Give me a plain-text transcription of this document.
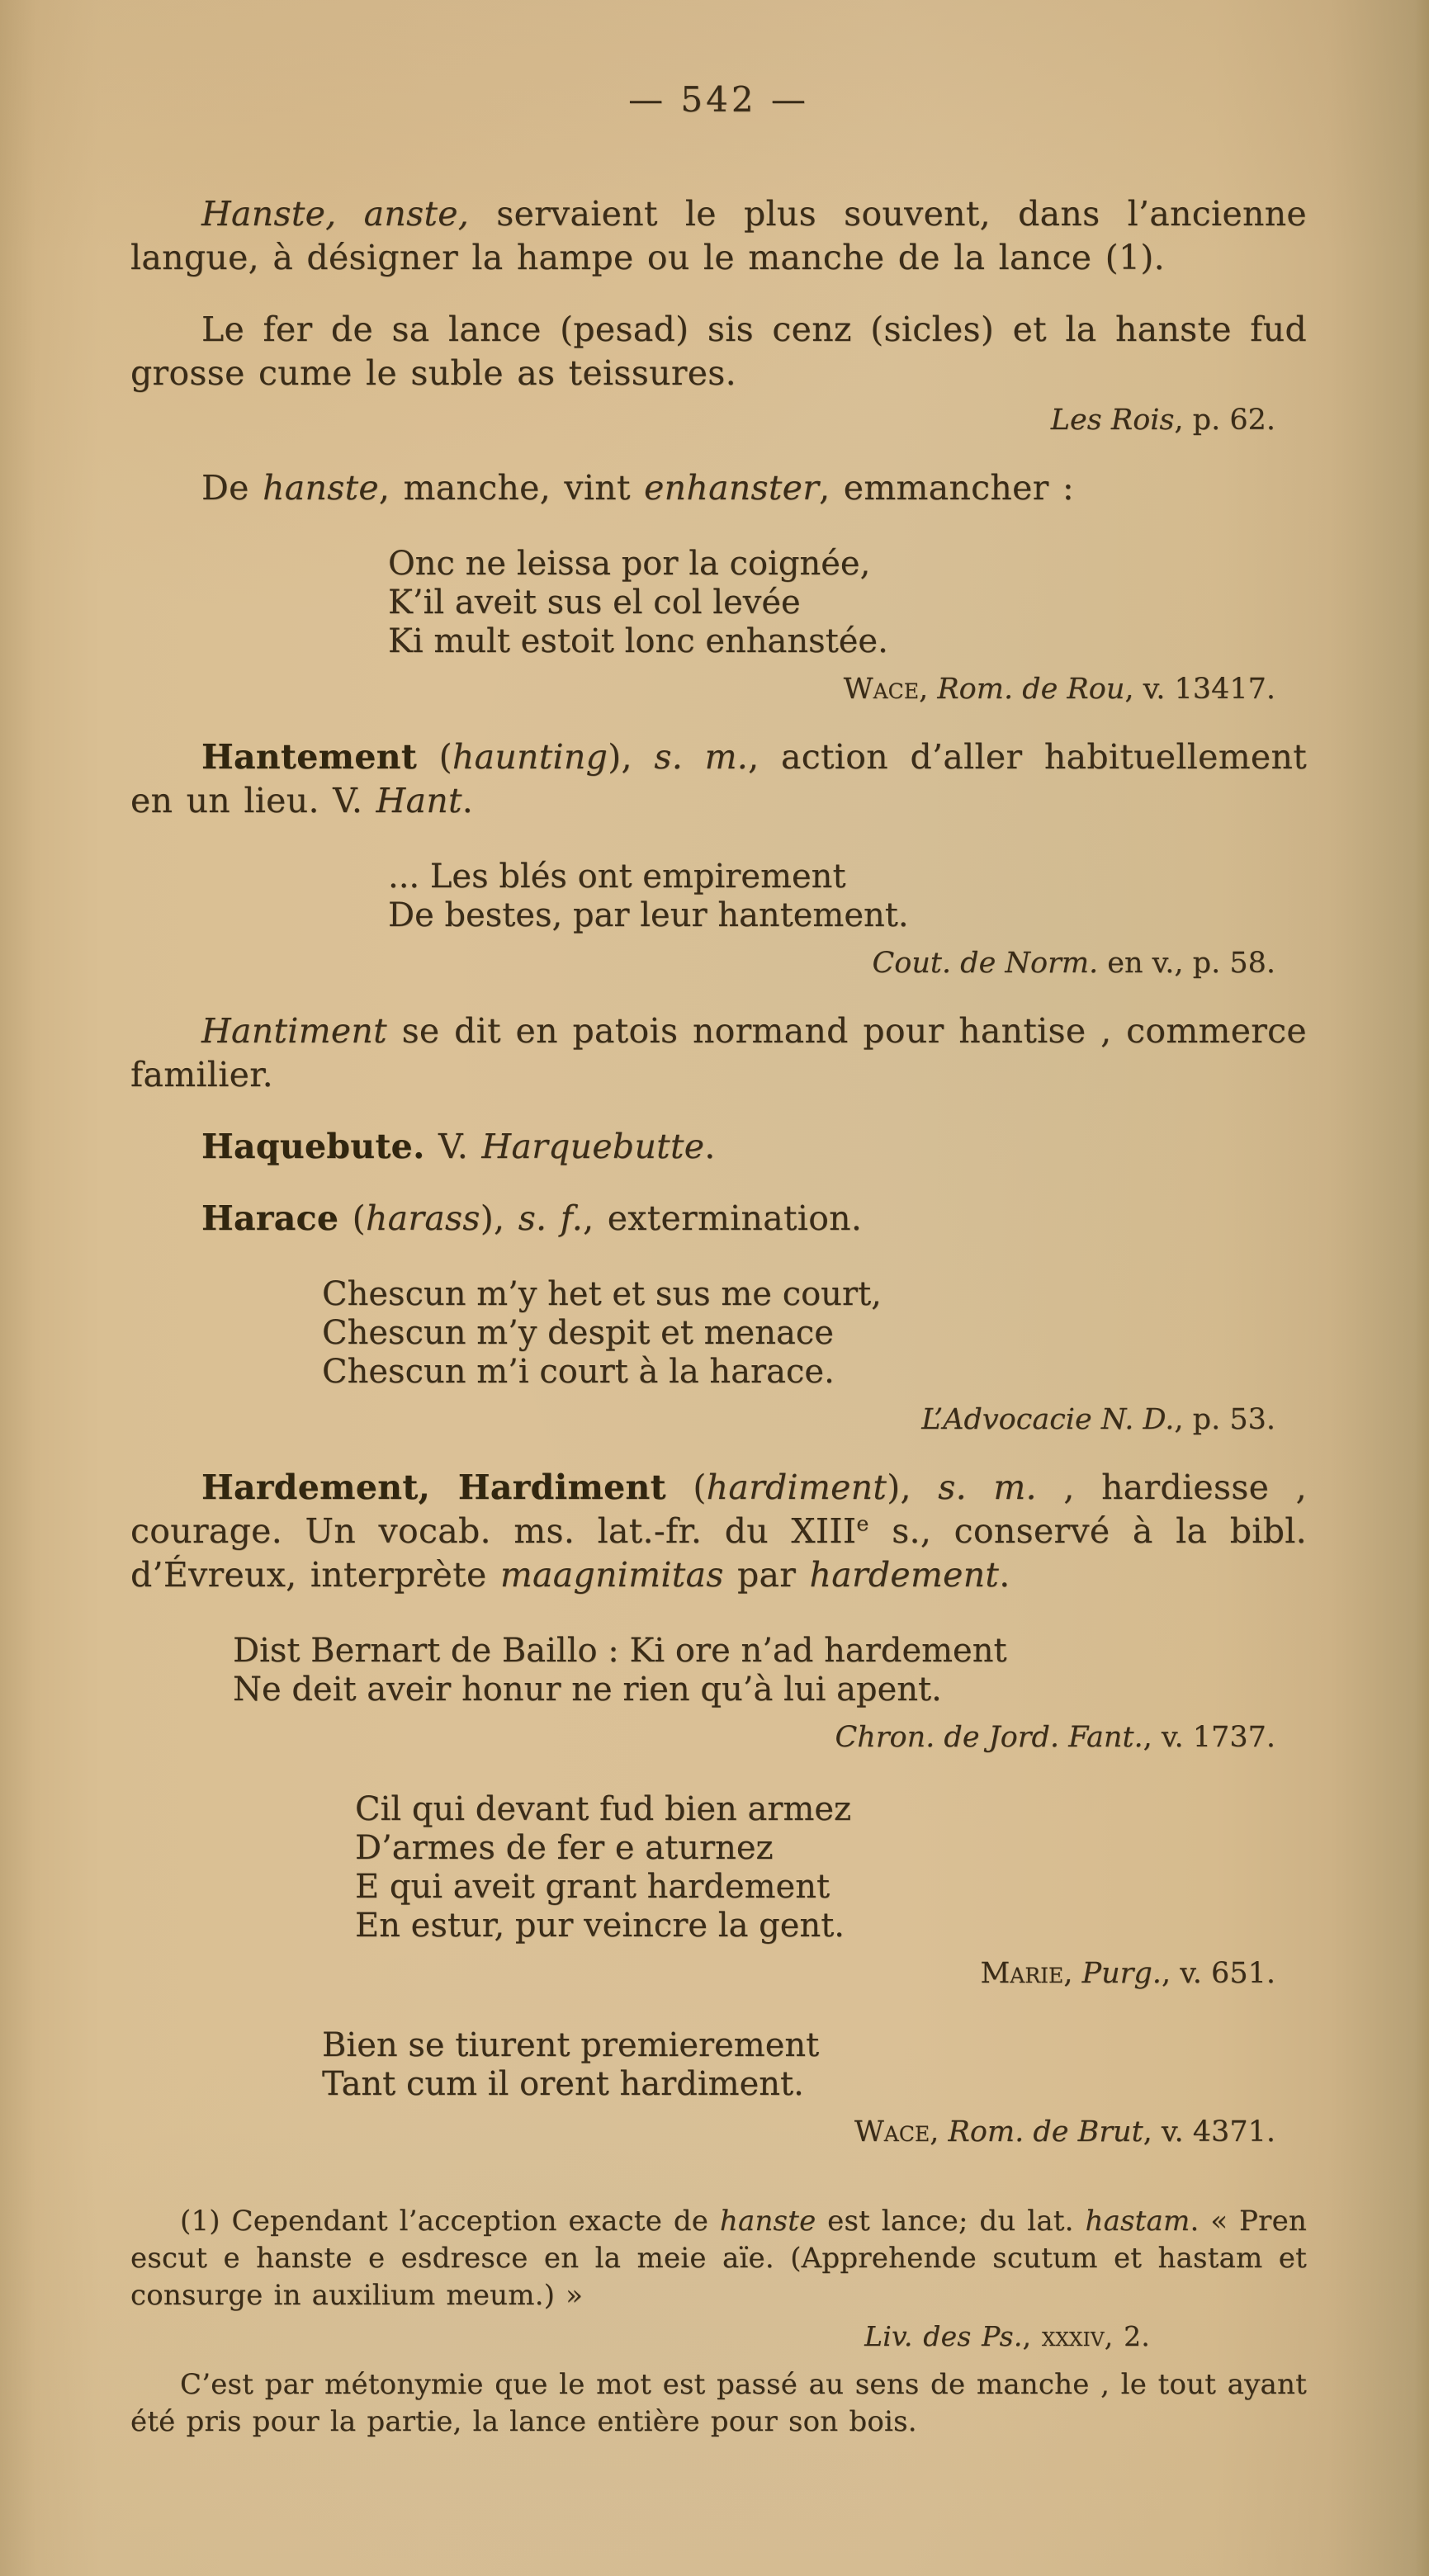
— 542 —

Hanste, anste, servaient le plus souvent, dans l’ancienne langue, à désigner la hampe ou le manche de la lance (1).

Le fer de sa lance (pesad) sis cenz (sicles) et la hanste fud grosse cume le suble as teissures.

Les Rois, p. 62.

De hanste, manche, vint enhanster, emmancher :

Onc ne leissa por la coignée,
K’il aveit sus el col levée
Ki mult estoit lonc enhanstée.
Wace, Rom. de Rou, v. 13417.

Hantement (haunting), s. m., action d’aller habituellement en un lieu. V. Hant.

... Les blés ont empirement
De bestes, par leur hantement.
Cout. de Norm. en v., p. 58.

Hantiment se dit en patois normand pour hantise , commerce familier.

Haquebute. V. Harquebutte.

Harace (harass), s. f., extermination.

Chescun m’y het et sus me court,
Chescun m’y despit et menace
Chescun m’i court à la harace.
L’Advocacie N. D., p. 53.

Hardement, Hardiment (hardiment), s. m. , hardiesse , courage. Un vocab. ms. lat.-fr. du XIIIe s., conservé à la bibl. d’Évreux, interprète maagnimitas par hardement.

Dist Bernart de Baillo : Ki ore n’ad hardement
Ne deit aveir honur ne rien qu’à lui apent.
Chron. de Jord. Fant., v. 1737.
Cil qui devant fud bien armez
D’armes de fer e aturnez
E qui aveit grant hardement
En estur, pur veincre la gent.
Marie, Purg., v. 651.
Bien se tiurent premierement
Tant cum il orent hardiment.
Wace, Rom. de Brut, v. 4371.

(1) Cependant l’acception exacte de hanste est lance; du lat. hastam. « Pren escut e hanste e esdresce en la meie aïe. (Apprehende scutum et hastam et consurge in auxilium meum.) »

Liv. des Ps., xxxiv, 2.

C’est par métonymie que le mot est passé au sens de manche , le tout ayant été pris pour la partie, la lance entière pour son bois.
